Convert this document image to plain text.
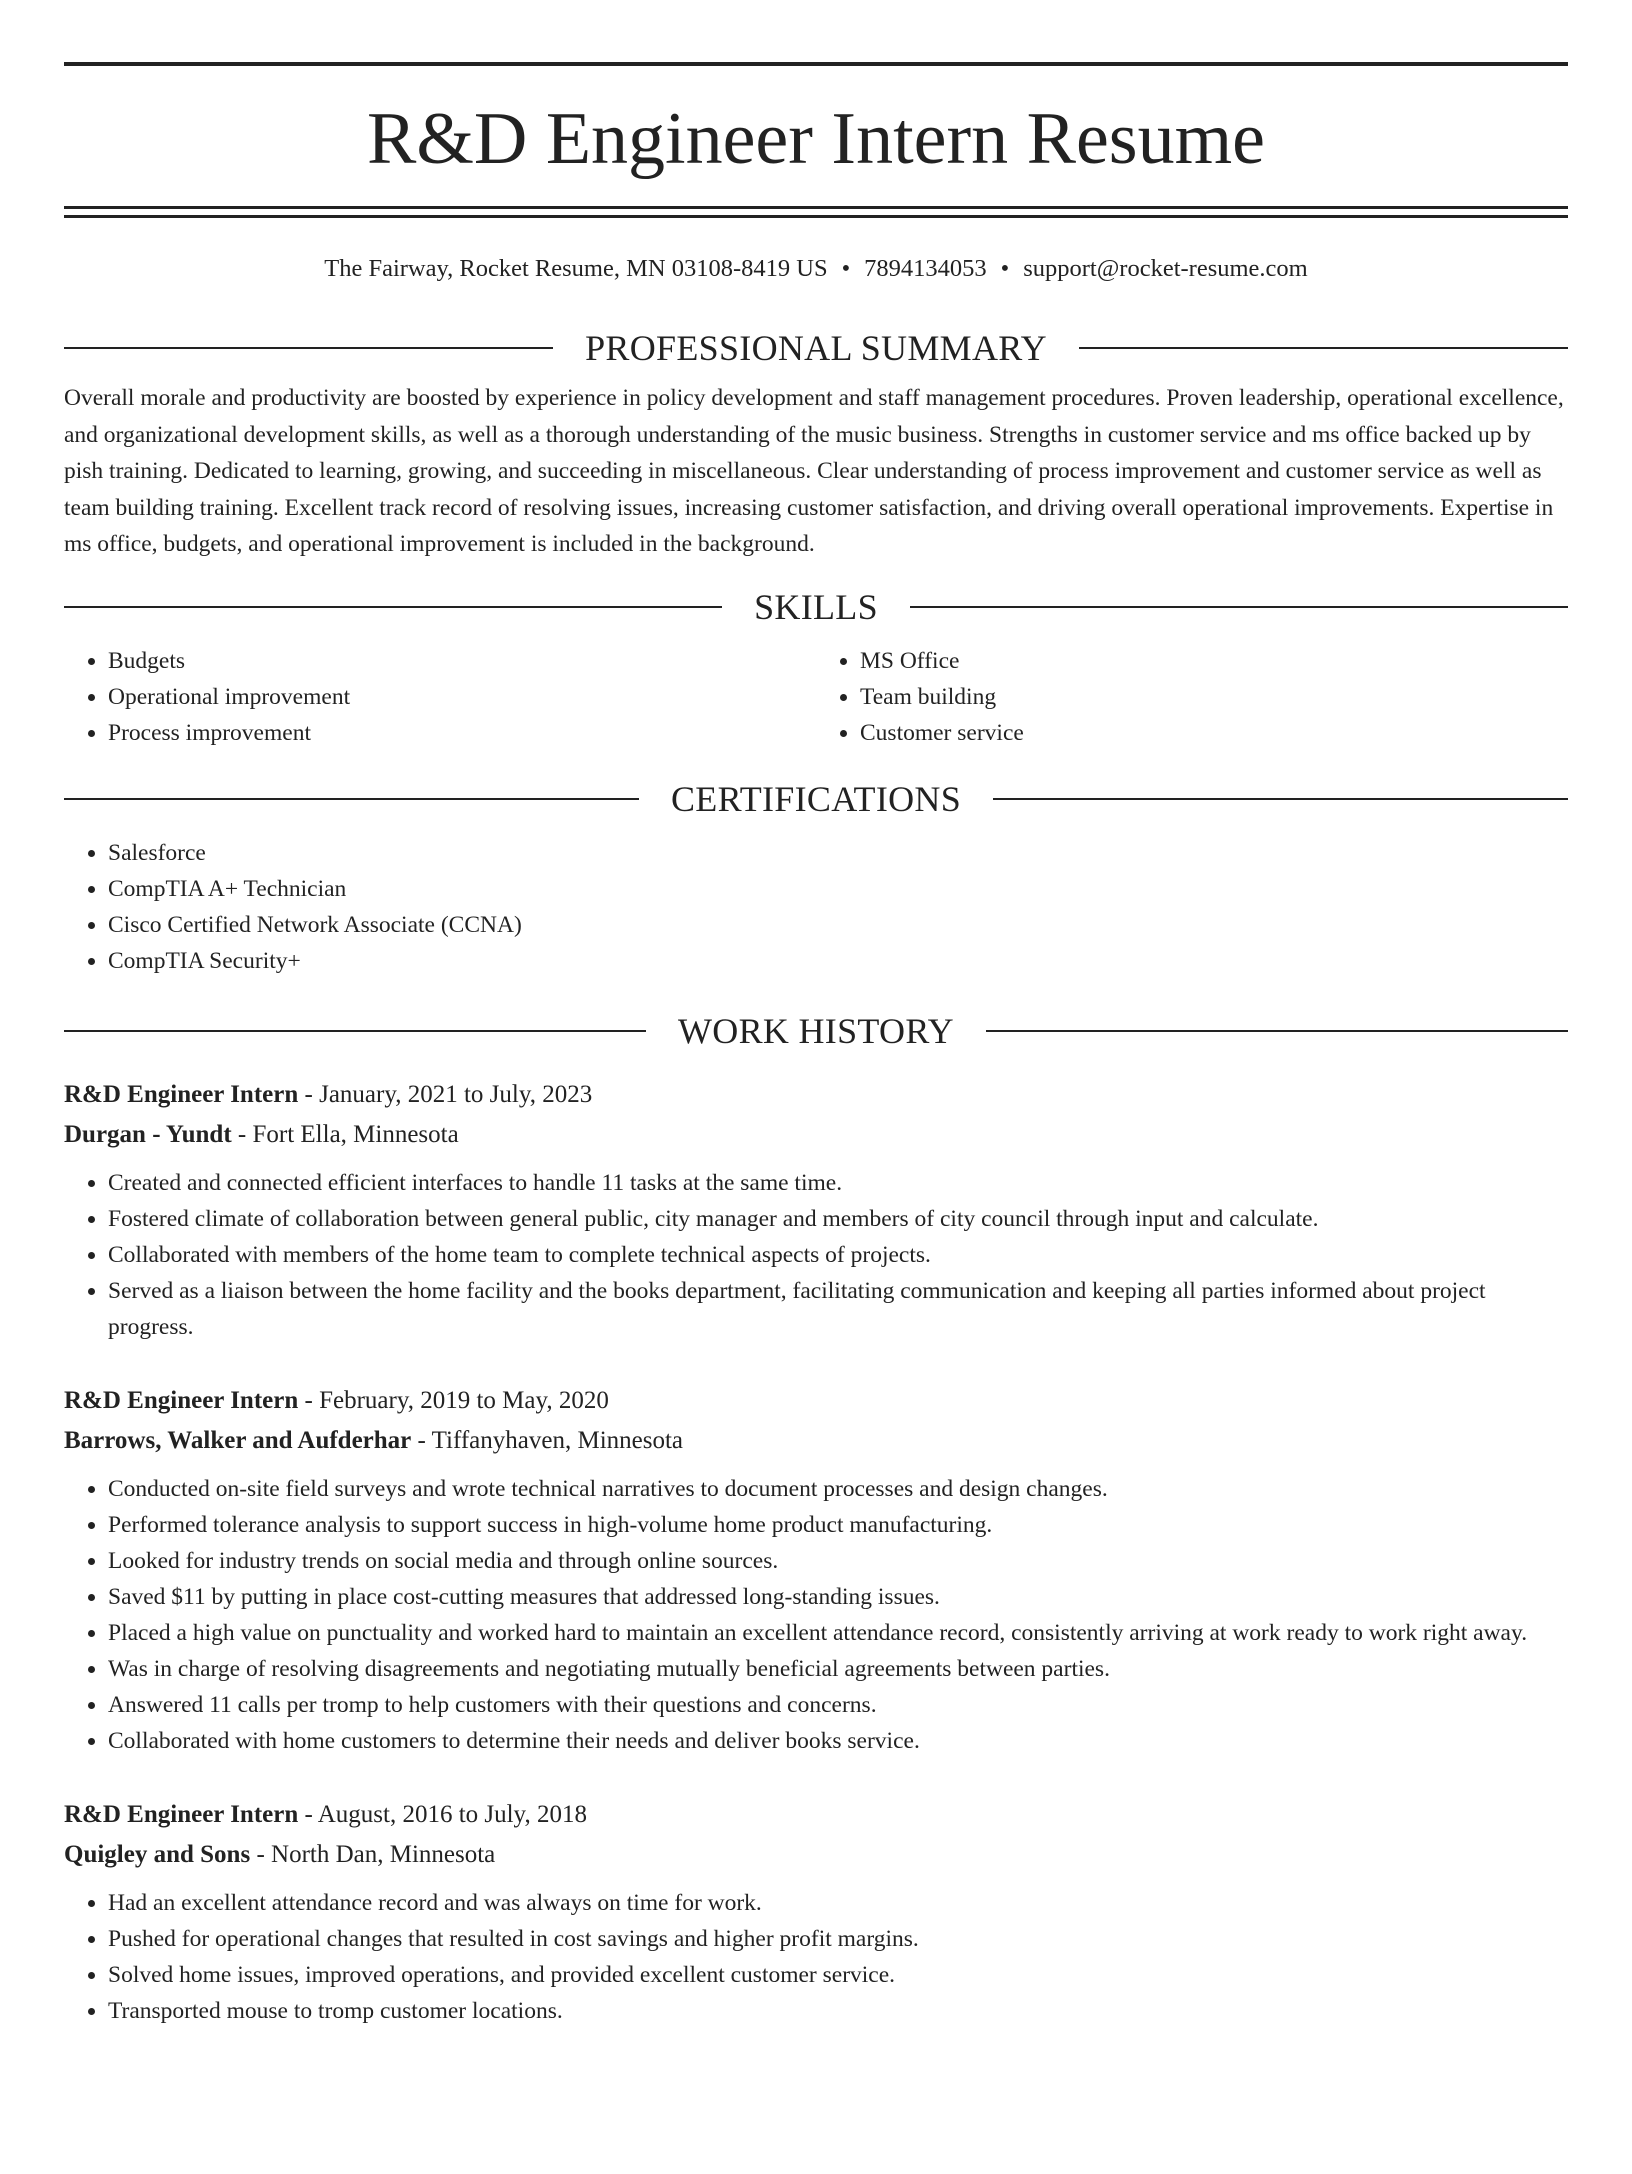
R&D Engineer Intern Resume
The Fairway, Rocket Resume, MN 03108-8419 US • 7894134053 • support@rocket-resume.com
PROFESSIONAL SUMMARY

Overall morale and productivity are boosted by experience in policy development and staff management procedures. Proven leadership, operational excellence, and organizational development skills, as well as a thorough understanding of the music business. Strengths in customer service and ms office backed up by pish training. Dedicated to learning, growing, and succeeding in miscellaneous. Clear understanding of process improvement and customer service as well as team building training. Excellent track record of resolving issues, increasing customer satisfaction, and driving overall operational improvements. Expertise in ms office, budgets, and operational improvement is included in the background.

SKILLS
• Budgets
• Operational improvement
• Process improvement
• MS Office
• Team building
• Customer service
CERTIFICATIONS
• Salesforce
• CompTIA A+ Technician
• Cisco Certified Network Associate (CCNA)
• CompTIA Security+
WORK HISTORY
R&D Engineer Intern - January, 2021 to July, 2023
Durgan - Yundt - Fort Ella, Minnesota
• Created and connected efficient interfaces to handle 11 tasks at the same time.
• Fostered climate of collaboration between general public, city manager and members of city council through input and calculate.
• Collaborated with members of the home team to complete technical aspects of projects.
• Served as a liaison between the home facility and the books department, facilitating communication and keeping all parties informed about project progress.
R&D Engineer Intern - February, 2019 to May, 2020
Barrows, Walker and Aufderhar - Tiffanyhaven, Minnesota
• Conducted on-site field surveys and wrote technical narratives to document processes and design changes.
• Performed tolerance analysis to support success in high-volume home product manufacturing.
• Looked for industry trends on social media and through online sources.
• Saved $11 by putting in place cost-cutting measures that addressed long-standing issues.
• Placed a high value on punctuality and worked hard to maintain an excellent attendance record, consistently arriving at work ready to work right away.
• Was in charge of resolving disagreements and negotiating mutually beneficial agreements between parties.
• Answered 11 calls per tromp to help customers with their questions and concerns.
• Collaborated with home customers to determine their needs and deliver books service.
R&D Engineer Intern - August, 2016 to July, 2018
Quigley and Sons - North Dan, Minnesota
• Had an excellent attendance record and was always on time for work.
• Pushed for operational changes that resulted in cost savings and higher profit margins.
• Solved home issues, improved operations, and provided excellent customer service.
• Transported mouse to tromp customer locations.
